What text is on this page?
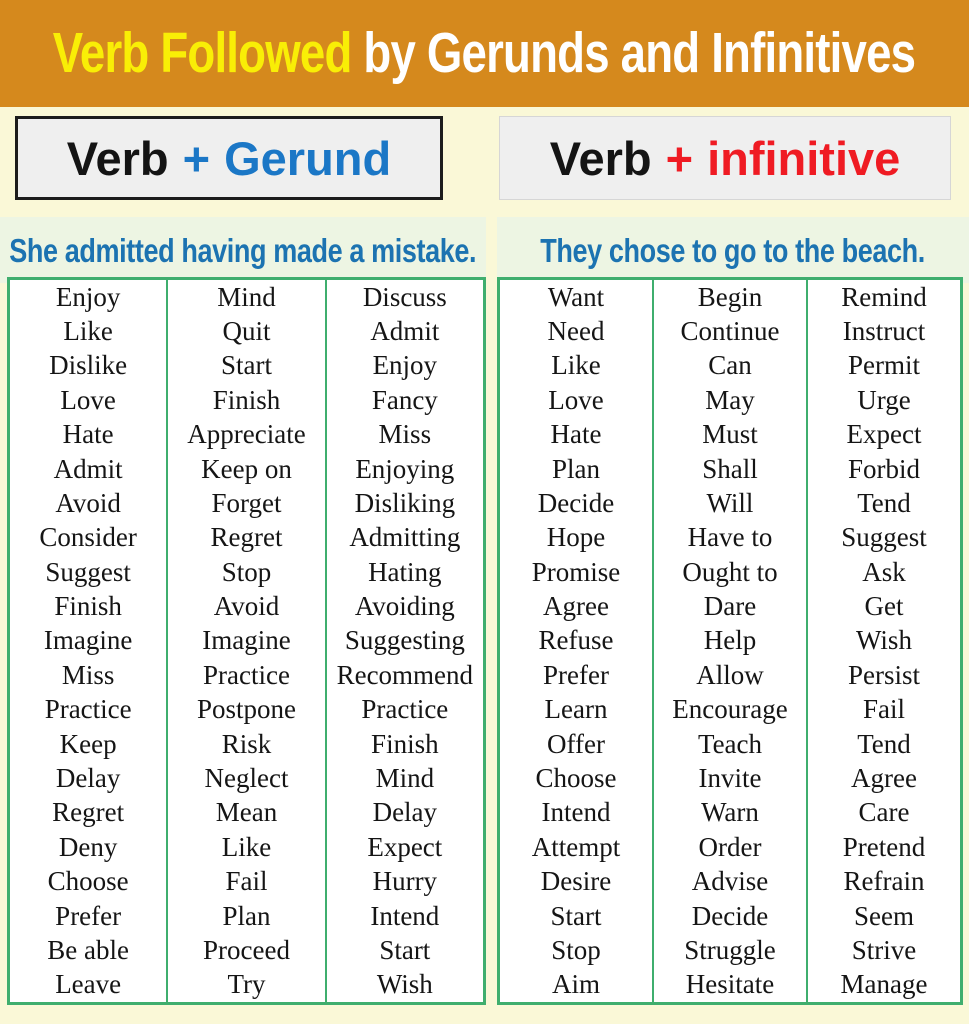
Verb Followed by Gerunds and Infinitives
Verb + Gerund	Verb + infinitive

She admitted having made a mistake. They chose to go to the beach.

Enjoy
Like
Dislike
Love
Hate
Admit
Avoid
Consider
Suggest
Finish
Imagine
Miss
Practice
Keep
Delay
Regret
Deny
Choose
Prefer
Be able
Leave
Mind
Quit
Start
Finish
Appreciate
Keep on
Forget
Regret
Stop
Avoid
Imagine
Practice
Postpone
Risk
Neglect
Mean
Like
Fail
Plan
Proceed
Try
Discuss
Admit
Enjoy
Fancy
Miss
Enjoying
Disliking
Admitting
Hating
Avoiding
Suggesting
Recommend
Practice
Finish
Mind
Delay
Expect
Hurry
Intend
Start
Wish
Want
Need
Like
Love
Hate
Plan
Decide
Hope
Promise
Agree
Refuse
Prefer
Learn
Offer
Choose
Intend
Attempt
Desire
Start
Stop
Aim
Begin
Continue
Can
May
Must
Shall
Will
Have to
Ought to
Dare
Help
Allow
Encourage
Teach
Invite
Warn
Order
Advise
Decide
Struggle
Hesitate
Remind
Instruct
Permit
Urge
Expect
Forbid
Tend
Suggest
Ask
Get
Wish
Persist
Fail
Tend
Agree
Care
Pretend
Refrain
Seem
Strive
Manage
